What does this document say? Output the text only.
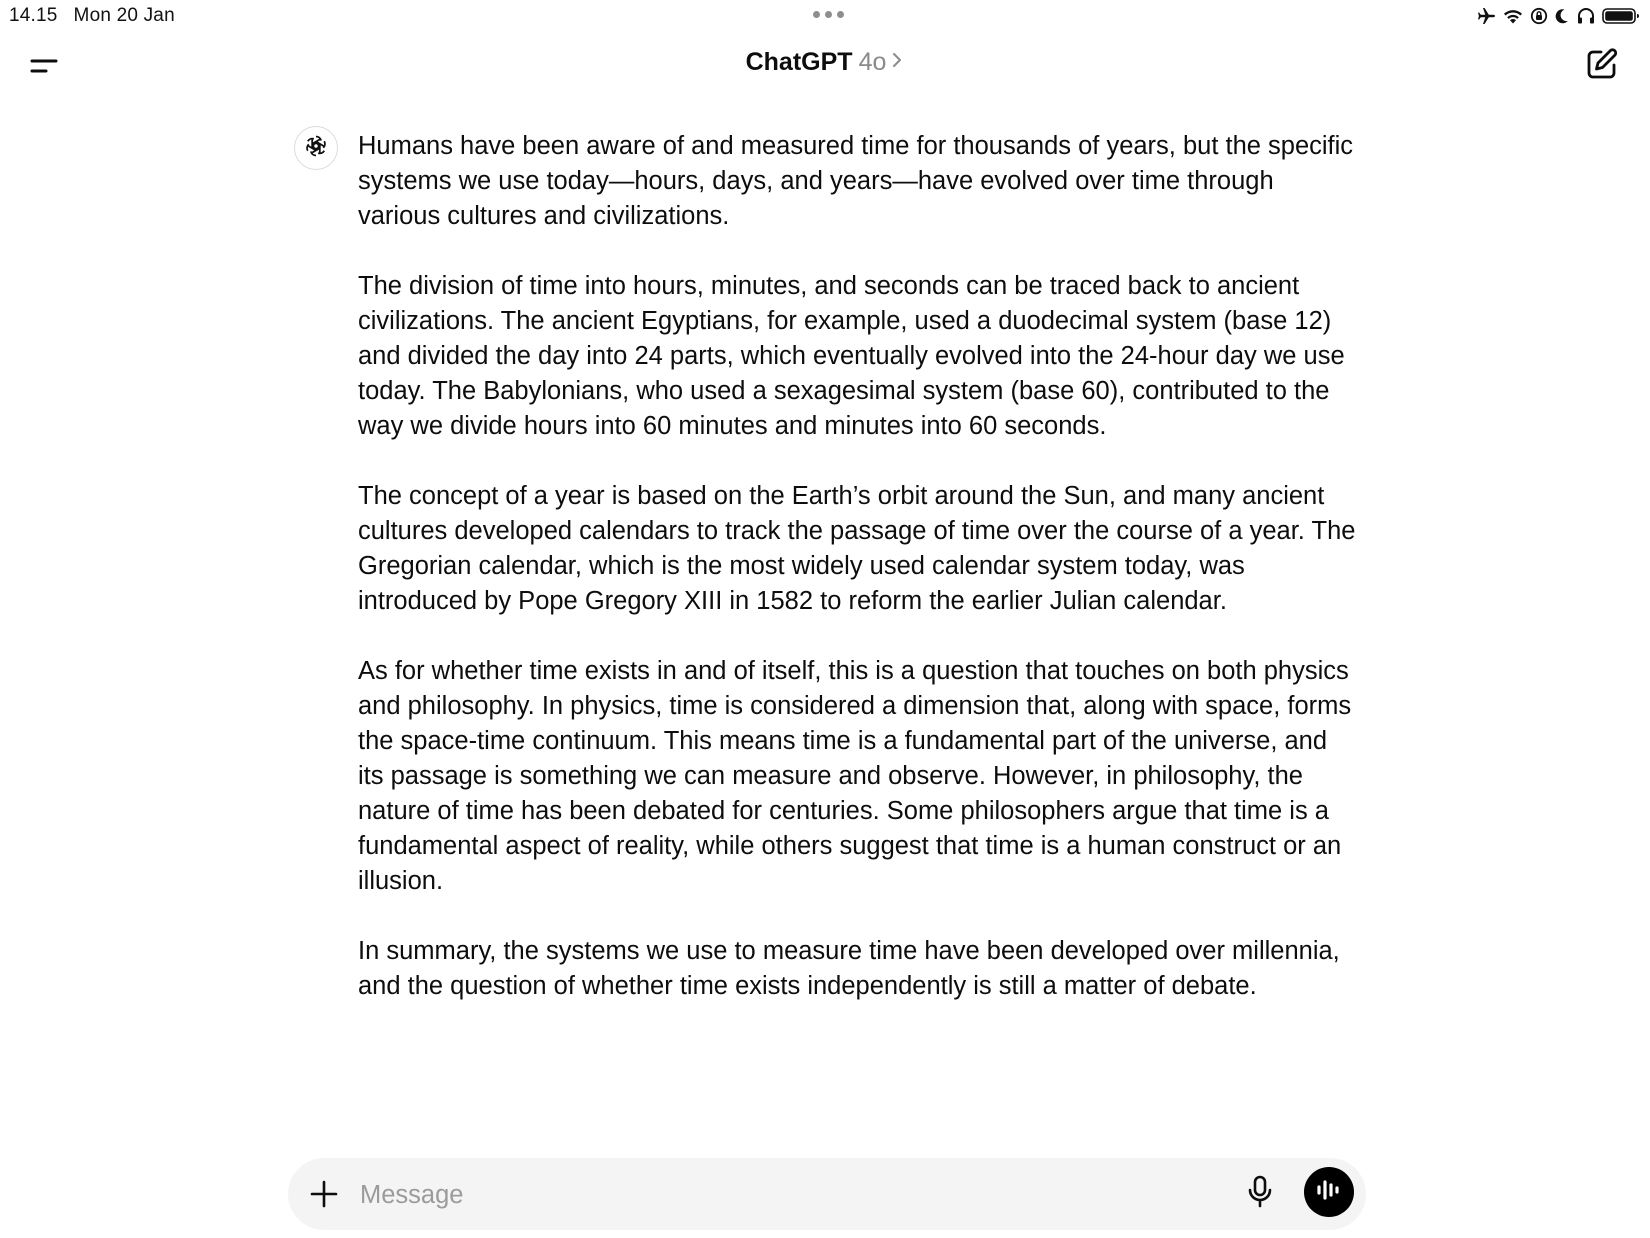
14.15 Mon 20 Jan
ChatGPT 4o

Humans have been aware of and measured time for thousands of years, but the specific systems we use today—hours, days, and years—have evolved over time through various cultures and civilizations.

The division of time into hours, minutes, and seconds can be traced back to ancient civilizations. The ancient Egyptians, for example, used a duodecimal system (base 12) and divided the day into 24 parts, which eventually evolved into the 24-hour day we use today. The Babylonians, who used a sexagesimal system (base 60), contributed to the way we divide hours into 60 minutes and minutes into 60 seconds.

The concept of a year is based on the Earth’s orbit around the Sun, and many ancient cultures developed calendars to track the passage of time over the course of a year. The Gregorian calendar, which is the most widely used calendar system today, was introduced by Pope Gregory XIII in 1582 to reform the earlier Julian calendar.

As for whether time exists in and of itself, this is a question that touches on both physics and philosophy. In physics, time is considered a dimension that, along with space, forms the space-time continuum. This means time is a fundamental part of the universe, and its passage is something we can measure and observe. However, in philosophy, the nature of time has been debated for centuries. Some philosophers argue that time is a fundamental aspect of reality, while others suggest that time is a human construct or an illusion.

In summary, the systems we use to measure time have been developed over millennia, and the question of whether time exists independently is still a matter of debate.

Message
